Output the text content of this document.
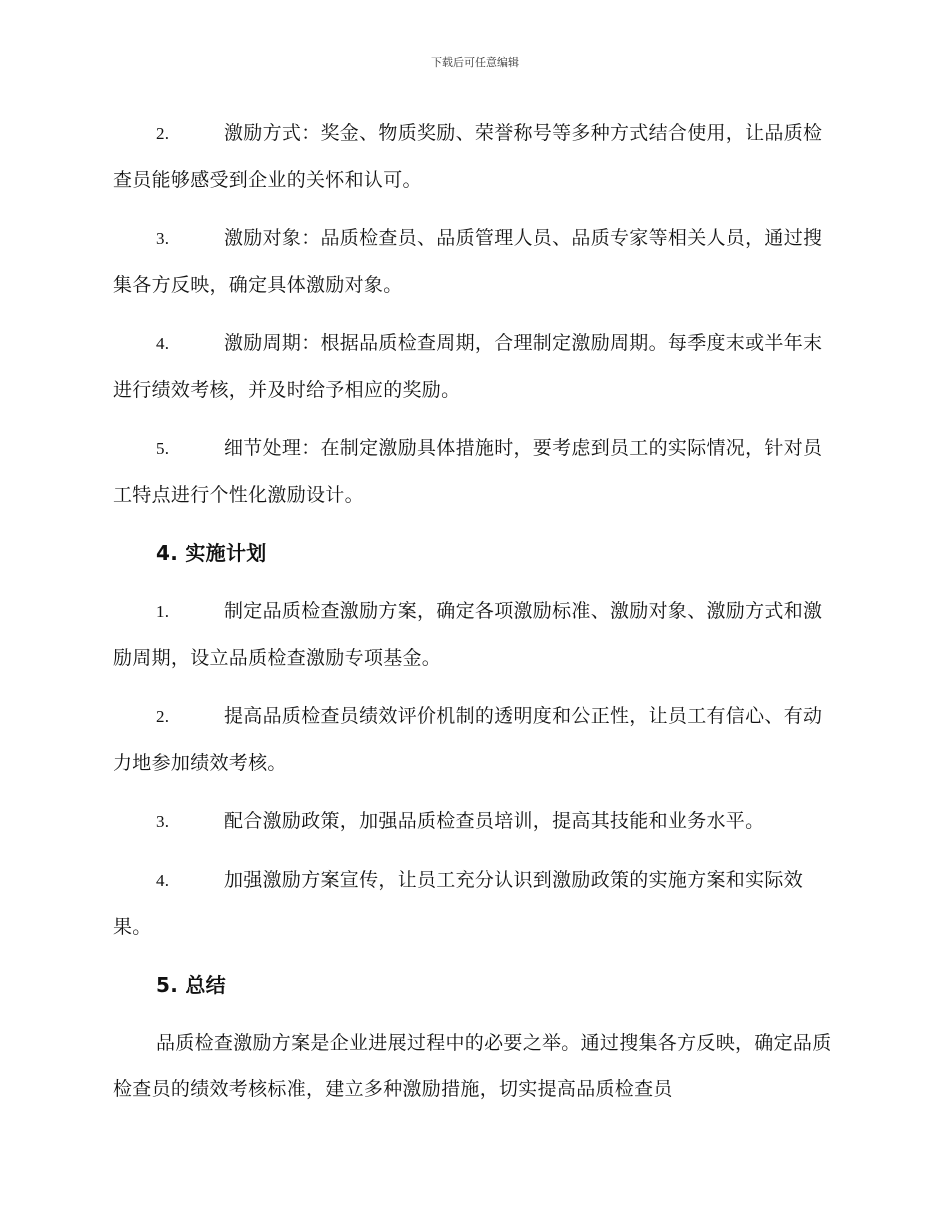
下载后可任意编辑
2.	激励方式：奖金、物质奖励、荣誉称号等多种方式结合使用，让品质检查员能够感受到企业的关怀和认可。
3.	激励对象：品质检查员、品质管理人员、品质专家等相关人员，通过搜集各方反映，确定具体激励对象。
4.	激励周期：根据品质检查周期，合理制定激励周期。每季度末或半年末进行绩效考核，并及时给予相应的奖励。
5.	细节处理：在制定激励具体措施时，要考虑到员工的实际情况，针对员工特点进行个性化激励设计。
4. 实施计划
1.	制定品质检查激励方案，确定各项激励标准、激励对象、激励方式和激励周期，设立品质检查激励专项基金。
2.	提高品质检查员绩效评价机制的透明度和公正性，让员工有信心、有动力地参加绩效考核。
3.	配合激励政策，加强品质检查员培训，提高其技能和业务水平。
4.	加强激励方案宣传，让员工充分认识到激励政策的实施方案和实际效果。
5. 总结

品质检查激励方案是企业进展过程中的必要之举。通过搜集各方反映，确定品质检查员的绩效考核标准，建立多种激励措施，切实提高品质检查员
